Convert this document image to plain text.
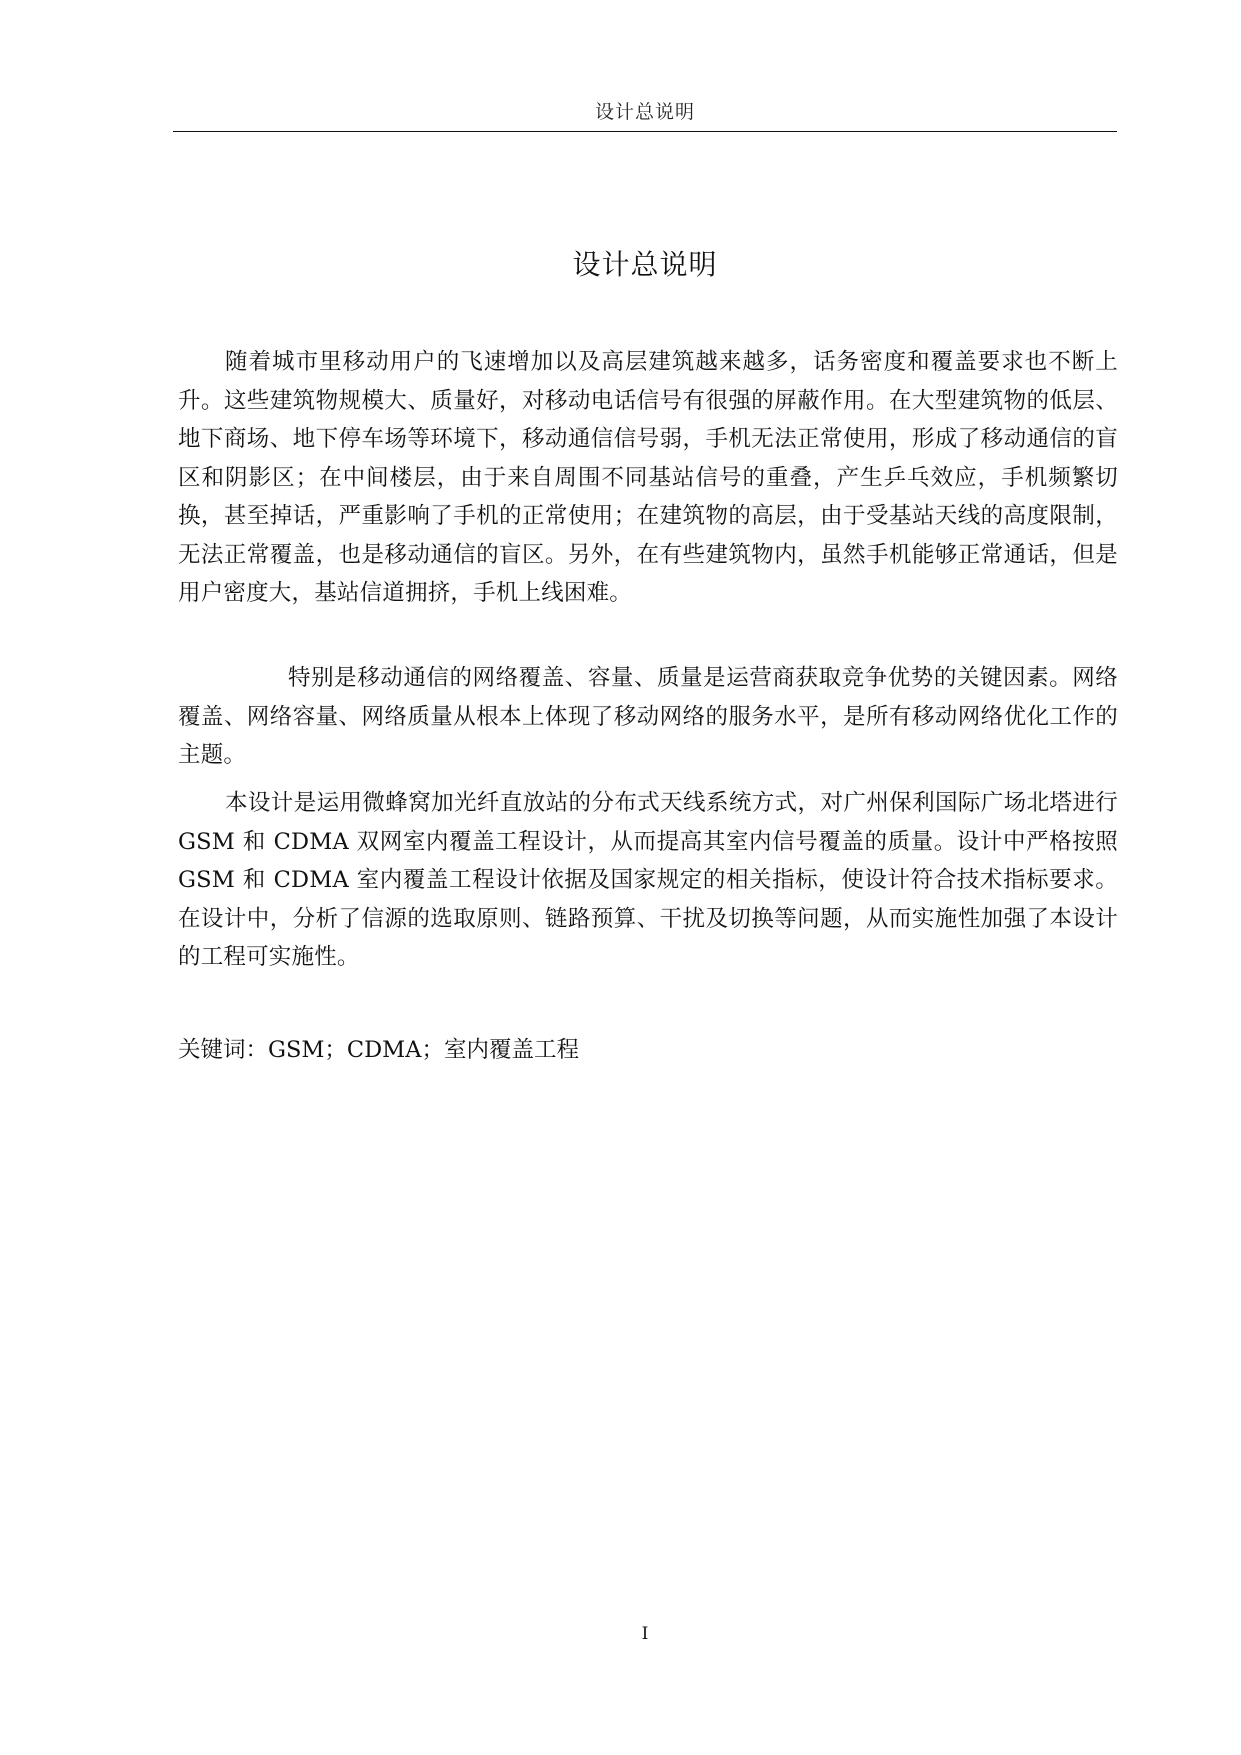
设计总说明
设计总说明

随着城市里移动用户的飞速增加以及高层建筑越来越多，话务密度和覆盖要求也不断上升。这些建筑物规模大、质量好，对移动电话信号有很强的屏蔽作用。在大型建筑物的低层、地下商场、地下停车场等环境下，移动通信信号弱，手机无法正常使用，形成了移动通信的盲区和阴影区；在中间楼层，由于来自周围不同基站信号的重叠，产生乒乓效应，手机频繁切换，甚至掉话，严重影响了手机的正常使用；在建筑物的高层，由于受基站天线的高度限制，无法正常覆盖，也是移动通信的盲区。另外，在有些建筑物内，虽然手机能够正常通话，但是用户密度大，基站信道拥挤，手机上线困难。

特别是移动通信的网络覆盖、容量、质量是运营商获取竞争优势的关键因素。网络覆盖、网络容量、网络质量从根本上体现了移动网络的服务水平，是所有移动网络优化工作的主题。

本设计是运用微蜂窝加光纤直放站的分布式天线系统方式，对广州保利国际广场北塔进行 GSM 和 CDMA 双网室内覆盖工程设计，从而提高其室内信号覆盖的质量。设计中严格按照 GSM 和 CDMA 室内覆盖工程设计依据及国家规定的相关指标，使设计符合技术指标要求。在设计中，分析了信源的选取原则、链路预算、干扰及切换等问题，从而实施性加强了本设计的工程可实施性。

关键词：GSM；CDMA；室内覆盖工程
I
